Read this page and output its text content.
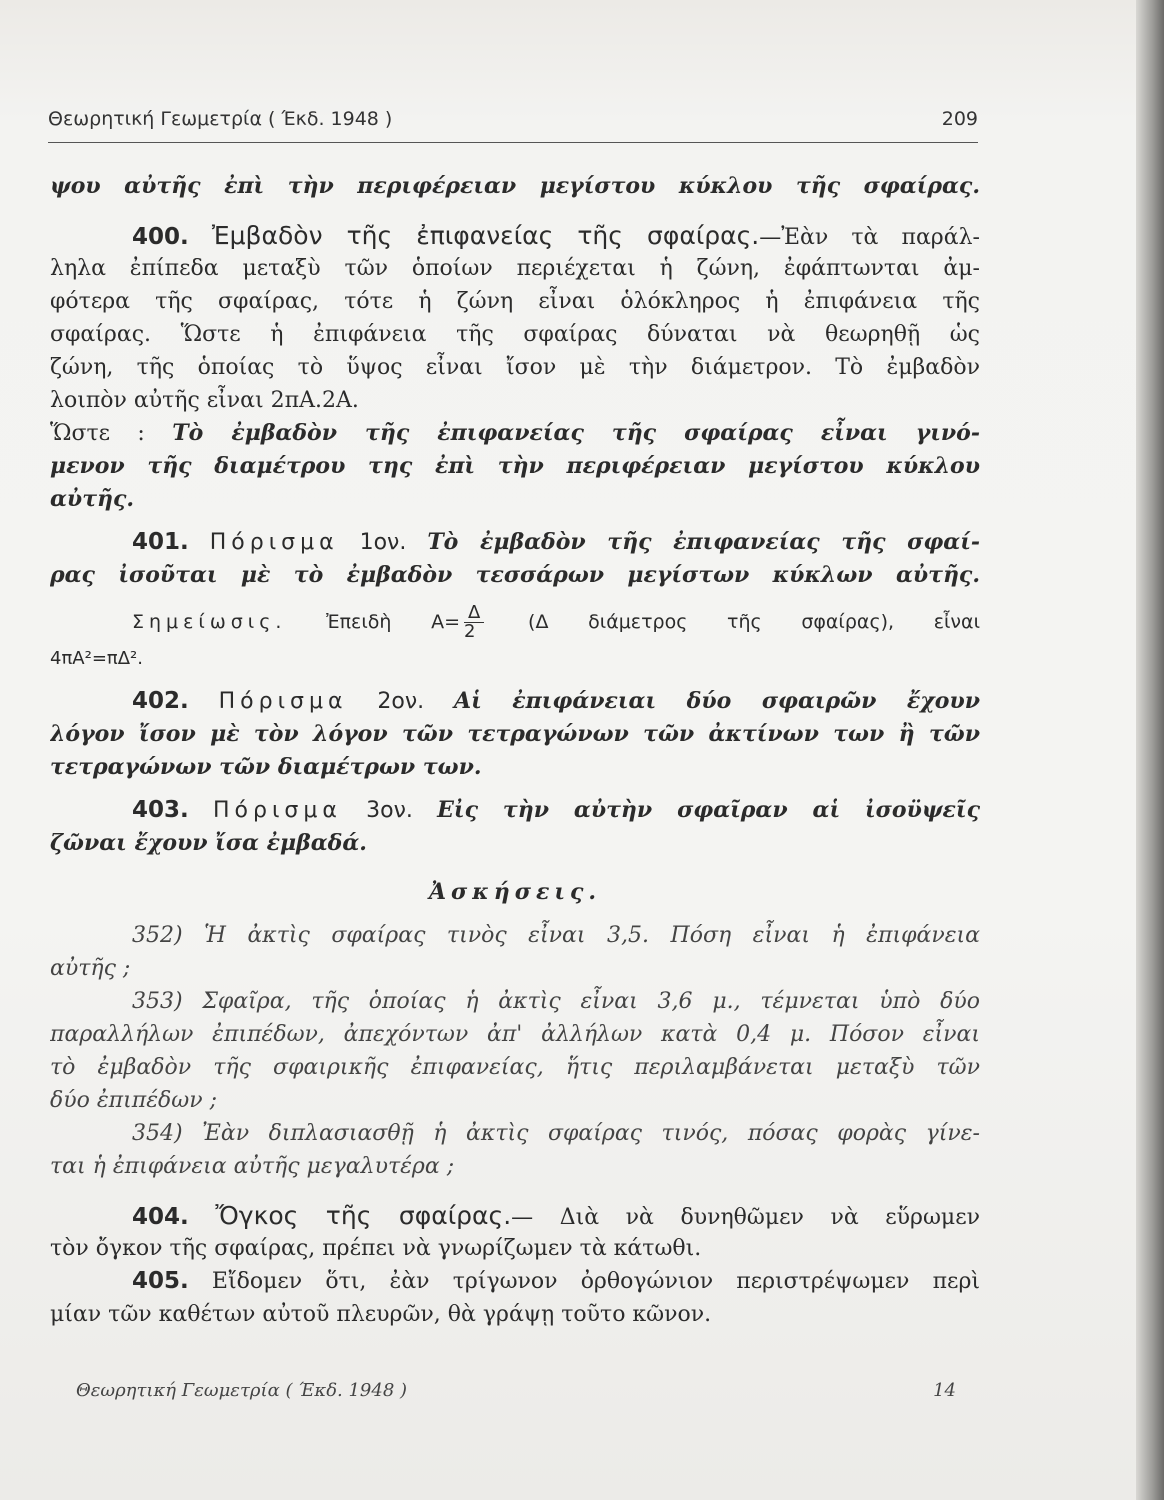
Θεωρητική Γεωμετρία ( Έκδ. 1948 )	209
ψου αὐτῆς ἐπὶ τὴν περιφέρειαν μεγίστου κύκλου τῆς σφαίρας.
400. Ἐμβαδὸν τῆς ἐπιφανείας τῆς σφαίρας.—Ἐὰν τὰ παράλ-
ληλα ἐπίπεδα μεταξὺ τῶν ὁποίων περιέχεται ἡ ζώνη, ἐφάπτωνται ἀμ-
φότερα τῆς σφαίρας, τότε ἡ ζώνη εἶναι ὁλόκληρος ἡ ἐπιφάνεια τῆς
σφαίρας. Ὥστε ἡ ἐπιφάνεια τῆς σφαίρας δύναται νὰ θεωρηθῇ ὡς
ζώνη, τῆς ὁποίας τὸ ὕψος εἶναι ἴσον μὲ τὴν διάμετρον. Τὸ ἐμβαδὸν
λοιπὸν αὐτῆς εἶναι 2πΑ.2Α.
Ὥστε : Τὸ ἐμβαδὸν τῆς ἐπιφανείας τῆς σφαίρας εἶναι γινό-
μενον τῆς διαμέτρου της ἐπὶ τὴν περιφέρειαν μεγίστου κύκλου
αὐτῆς.
401. Πόρισμα 1ον. Τὸ ἐμβαδὸν τῆς ἐπιφανείας τῆς σφαί-
ρας ἰσοῦται μὲ τὸ ἐμβαδὸν τεσσάρων μεγίστων κύκλων αὐτῆς.
Σημείωσις. Ἐπειδὴ $A= \frac{\Delta}{2} (\Delta$ διάμετρος τῆς σφαίρας), εἶναι
4πΑ²=πΔ².
402. Πόρισμα 2ον. Αἱ ἐπιφάνειαι δύο σφαιρῶν ἔχουν
λόγον ἴσον μὲ τὸν λόγον τῶν τετραγώνων τῶν ἀκτίνων των ἢ τῶν
τετραγώνων τῶν διαμέτρων των.
403. Πόρισμα 3ον. Εἰς τὴν αὐτὴν σφαῖραν αἱ ἰσοϋψεῖς
ζῶναι ἔχουν ἴσα ἐμβαδά.
Ἀσκήσεις.
352) Ἡ ἀκτὶς σφαίρας τινὸς εἶναι 3,5. Πόση εἶναι ἡ ἐπιφάνεια
αὐτῆς ;
353) Σφαῖρα, τῆς ὁποίας ἡ ἀκτὶς εἶναι 3,6 μ., τέμνεται ὑπὸ δύο
παραλλήλων ἐπιπέδων, ἀπεχόντων ἀπ' ἀλλήλων κατὰ 0,4 μ. Πόσον εἶναι
τὸ ἐμβαδὸν τῆς σφαιρικῆς ἐπιφανείας, ἥτις περιλαμβάνεται μεταξὺ τῶν
δύο ἐπιπέδων ;
354) Ἐὰν διπλασιασθῇ ἡ ἀκτὶς σφαίρας τινός, πόσας φορὰς γίνε-
ται ἡ ἐπιφάνεια αὐτῆς μεγαλυτέρα ;
404. Ὄγκος τῆς σφαίρας.— Διὰ νὰ δυνηθῶμεν νὰ εὕρωμεν
τὸν ὄγκον τῆς σφαίρας, πρέπει νὰ γνωρίζωμεν τὰ κάτωθι.
405. Εἴδομεν ὅτι, ἐὰν τρίγωνον ὀρθογώνιον περιστρέψωμεν περὶ
μίαν τῶν καθέτων αὐτοῦ πλευρῶν, θὰ γράψῃ τοῦτο κῶνον.
Θεωρητική Γεωμετρία ( Έκδ. 1948 )	14
